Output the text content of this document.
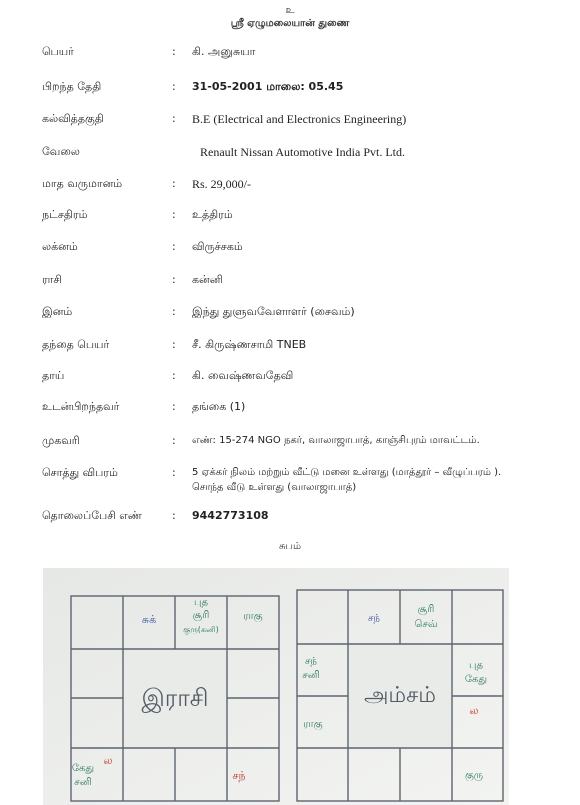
உ
ஸ்ரீ ஏழுமலையான் துணை
பெயர்	: கி. அனுசுயா
பிறந்த தேதி	: 31-05-2001 மாலை: 05.45
கல்வித்தகுதி	: B.E (Electrical and Electronics Engineering)
வேலை	Renault Nissan Automotive India Pvt. Ltd.
மாத வருமானம்	: Rs. 29,000/-
நட்சதிரம்	: உத்திரம்
லக்னம்	: விருச்சகம்
ராசி	: கன்னி
இனம்	: இந்து துளுவவேளாளர் (சைவம்)
தந்தை பெயர்	: சீ. கிருஷ்ணசாமி TNEB
தாய்	: கி. வைஷ்ணவதேவி
உடன்பிறந்தவர்	: தங்கை (1)
முகவரி	: எண்: 15-274 NGO நகர், வாலாஜாபாத், காஞ்சிபுரம் மாவட்டம்.
சொத்து விபரம்	: 5 ஏக்கர் நிலம் மற்றும் வீட்டு மனை உள்ளது (மாத்தூர் – வீழுப்பரம் ).
சொந்த வீடு உள்ளது (வாலாஜாபாத்)
தொலைப்பேசி எண்	: 9442773108
சுபம்
இராசி
சுக்
புத
சூரி
குரு(கனி)
ராகு
கேது
சனி
ல
சந்
அம்சம்
சந்
சூரி
செவ்
சந்
சனி
ராகு
புத
கேது
ல
குரு
